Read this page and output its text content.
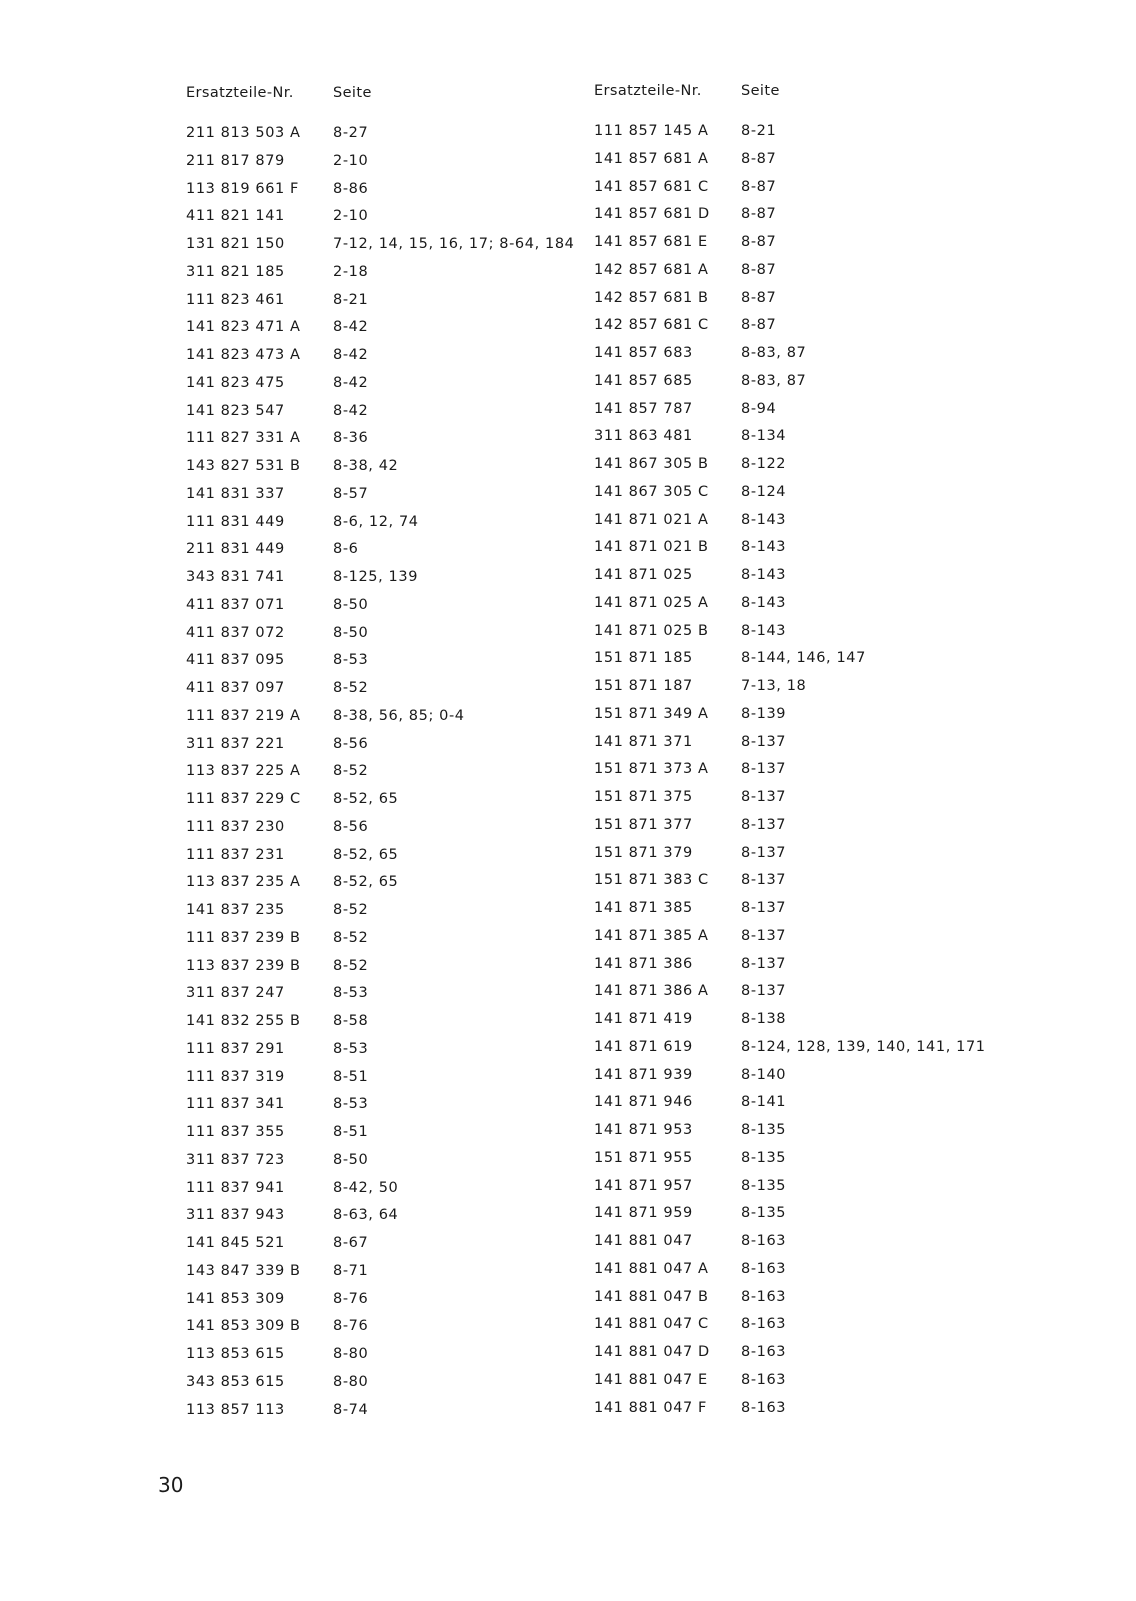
Ersatzteile-Nr.	Seite
211 813 503 A	8-27
211 817 879	2-10
113 819 661 F	8-86
411 821 141	2-10
131 821 150	7-12, 14, 15, 16, 17; 8-64, 184
311 821 185	2-18
111 823 461	8-21
141 823 471 A	8-42
141 823 473 A	8-42
141 823 475	8-42
141 823 547	8-42
111 827 331 A	8-36
143 827 531 B	8-38, 42
141 831 337	8-57
111 831 449	8-6, 12, 74
211 831 449	8-6
343 831 741	8-125, 139
411 837 071	8-50
411 837 072	8-50
411 837 095	8-53
411 837 097	8-52
111 837 219 A	8-38, 56, 85; 0-4
311 837 221	8-56
113 837 225 A	8-52
111 837 229 C	8-52, 65
111 837 230	8-56
111 837 231	8-52, 65
113 837 235 A	8-52, 65
141 837 235	8-52
111 837 239 B	8-52
113 837 239 B	8-52
311 837 247	8-53
141 832 255 B	8-58
111 837 291	8-53
111 837 319	8-51
111 837 341	8-53
111 837 355	8-51
311 837 723	8-50
111 837 941	8-42, 50
311 837 943	8-63, 64
141 845 521	8-67
143 847 339 B	8-71
141 853 309	8-76
141 853 309 B	8-76
113 853 615	8-80
343 853 615	8-80
113 857 113	8-74
Ersatzteile-Nr.	Seite
111 857 145 A	8-21
141 857 681 A	8-87
141 857 681 C	8-87
141 857 681 D	8-87
141 857 681 E	8-87
142 857 681 A	8-87
142 857 681 B	8-87
142 857 681 C	8-87
141 857 683	8-83, 87
141 857 685	8-83, 87
141 857 787	8-94
311 863 481	8-134
141 867 305 B	8-122
141 867 305 C	8-124
141 871 021 A	8-143
141 871 021 B	8-143
141 871 025	8-143
141 871 025 A	8-143
141 871 025 B	8-143
151 871 185	8-144, 146, 147
151 871 187	7-13, 18
151 871 349 A	8-139
141 871 371	8-137
151 871 373 A	8-137
151 871 375	8-137
151 871 377	8-137
151 871 379	8-137
151 871 383 C	8-137
141 871 385	8-137
141 871 385 A	8-137
141 871 386	8-137
141 871 386 A	8-137
141 871 419	8-138
141 871 619	8-124, 128, 139, 140, 141, 171
141 871 939	8-140
141 871 946	8-141
141 871 953	8-135
151 871 955	8-135
141 871 957	8-135
141 871 959	8-135
141 881 047	8-163
141 881 047 A	8-163
141 881 047 B	8-163
141 881 047 C	8-163
141 881 047 D	8-163
141 881 047 E	8-163
141 881 047 F	8-163
30
